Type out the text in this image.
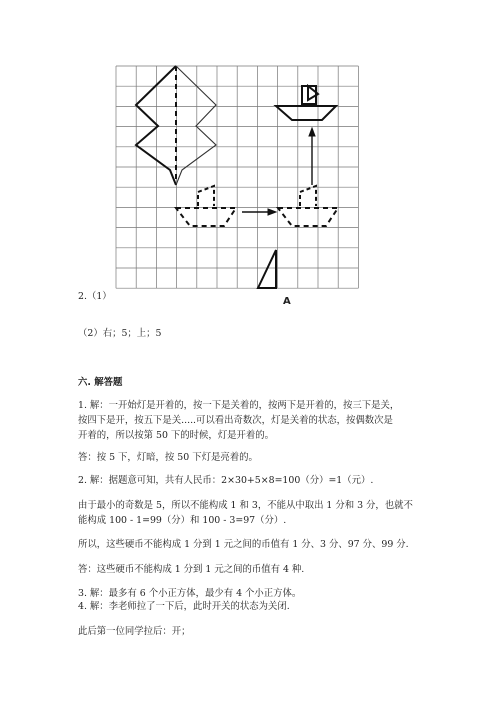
A

2.（1）

（2）右；5；上；5

六. 解答题

1. 解：一开始灯是开着的，按一下是关着的，按两下是开着的，按三下是关，

按四下是开，按五下是关.....可以看出奇数次，灯是关着的状态，按偶数次是

开着的，所以按第 50 下的时候，灯是开着的。

答：按 5 下，灯暗，按 50 下灯是亮着的。

2. 解：据题意可知，共有人民币：2×30+5×8=100（分）=1（元）.

由于最小的奇数是 5，所以不能构成 1 和 3，不能从中取出 1 分和 3 分，也就不

能构成 100 - 1=99（分）和 100 - 3=97（分）.

所以，这些硬币不能构成 1 分到 1 元之间的币值有 1 分、3 分、97 分、99 分.

答：这些硬币不能构成 1 分到 1 元之间的币值有 4 种.

3. 解：最多有 6 个小正方体，最少有 4 个小正方体。

4. 解：李老师拉了一下后，此时开关的状态为关闭.

此后第一位同学拉后：开；
